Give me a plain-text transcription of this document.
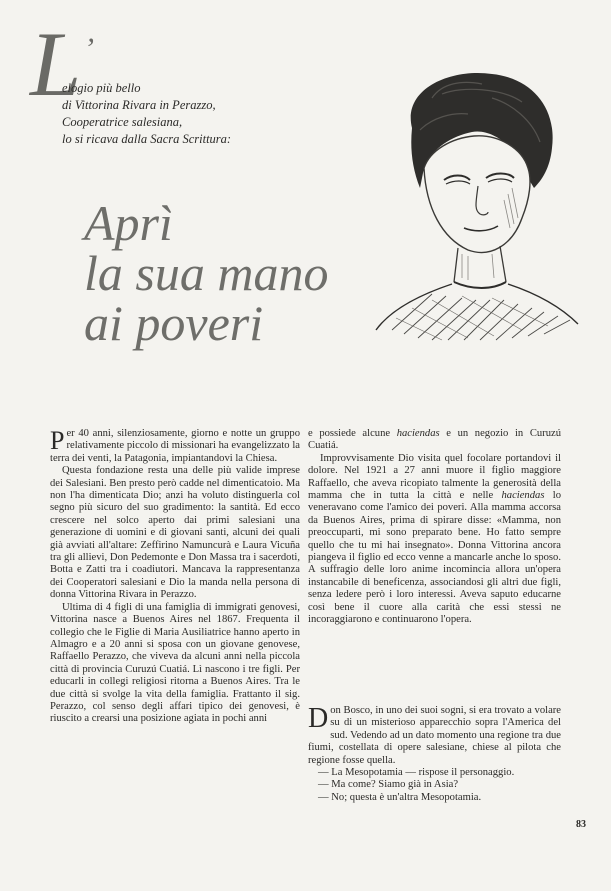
L ’
elogio più bello
di Vittorina Rivara in Perazzo,
Cooperatrice salesiana,
lo si ricava dalla Sacra Scrittura:
Aprì
la sua mano
ai poveri

Per 40 anni, silenziosamente, giorno e notte un gruppo relativamente piccolo di missionari ha evangelizzato la terra dei venti, la Patagonia, impiantandovi la Chiesa.

Questa fondazione resta una delle più valide imprese dei Salesiani. Ben presto però cadde nel dimenticatoio. Ma non l'ha dimenticata Dio; anzi ha voluto distinguerla col segno più sicuro del suo gradimento: la santità. Ed ecco crescere nel solco aperto dai primi salesiani una generazione di uomini e di giovani santi, alcuni dei quali già avviati all'altare: Zeffirino Namuncurà e Laura Vicuña tra gli allievi, Don Pedemonte e Don Massa tra i sacerdoti, Botta e Zatti tra i coadiutori. Mancava la rappresentanza dei Cooperatori salesiani e Dio la manda nella persona di donna Vittorina Rivara in Perazzo.

Ultima di 4 figli di una famiglia di immigrati genovesi, Vittorina nasce a Buenos Aires nel 1867. Frequenta il collegio che le Figlie di Maria Ausiliatrice hanno aperto in Almagro e a 20 anni si sposa con un giovane genovese, Raffaello Perazzo, che viveva da alcuni anni nella piccola città di provincia Curuzú Cuatiá. Lì nascono i tre figli. Per educarli in collegi religiosi ritorna a Buenos Aires. Tra le due città si svolge la vita della famiglia. Frattanto il sig. Perazzo, col senso degli affari tipico dei genovesi, è riuscito a crearsi una posizione agiata in pochi anni

e possiede alcune haciendas e un negozio in Curuzú Cuatiá.

Improvvisamente Dio visita quel focolare portandovi il dolore. Nel 1921 a 27 anni muore il figlio maggiore Raffaello, che aveva ricopiato talmente la generosità della mamma che in tutta la città e nelle haciendas lo veneravano come l'amico dei poveri. Alla mamma accorsa da Buenos Aires, prima di spirare disse: «Mamma, non preoccuparti, mi sono preparato bene. Ho fatto sempre quello che tu mi hai insegnato». Donna Vittorina ancora piangeva il figlio ed ecco venne a mancarle anche lo sposo. A suffragio delle loro anime incomincia allora un'opera instancabile di beneficenza, associandosi gli altri due figli, senza ledere però i loro interessi. Aveva saputo educarne così bene il cuore alla carità che essi stessi ne incoraggiarono e continuarono l'opera.

Don Bosco, in uno dei suoi sogni, si era trovato a volare su di un misterioso apparecchio sopra l'America del sud. Vedendo ad un dato momento una regione tra due fiumi, costellata di opere salesiane, chiese al pilota che regione fosse quella.

— La Mesopotamia — rispose il personaggio.

— Ma come? Siamo già in Asia?

— No; questa è un'altra Mesopotamia.

83
